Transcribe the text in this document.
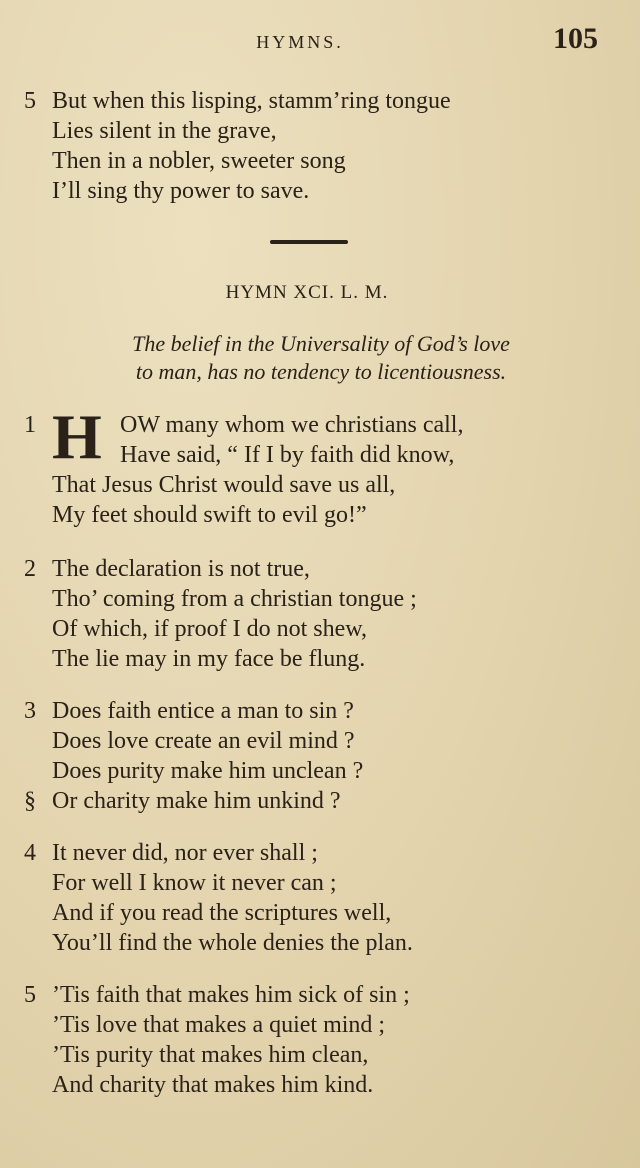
HYMNS.	105
5 But when this lisping, stamm’ring tongue
Lies silent in the grave,
Then in a nobler, sweeter song
I’ll sing thy power to save.
HYMN XCI. L. M.
The belief in the Universality of God’s love
to man, has no tendency to licentiousness.
1	OW many whom we christians call,
Have said, “ If I by faith did know,
That Jesus Christ would save us all,
My feet should swift to evil go!”
H
2 The declaration is not true,
Tho’ coming from a christian tongue ;
Of which, if proof I do not shew,
The lie may in my face be flung.
3 Does faith entice a man to sin ?
Does love create an evil mind ?
Does purity make him unclean ?
§ Or charity make him unkind ?
4 It never did, nor ever shall ;
For well I know it never can ;
And if you read the scriptures well,
You’ll find the whole denies the plan.
5 ’Tis faith that makes him sick of sin ;
’Tis love that makes a quiet mind ;
’Tis purity that makes him clean,
And charity that makes him kind.
